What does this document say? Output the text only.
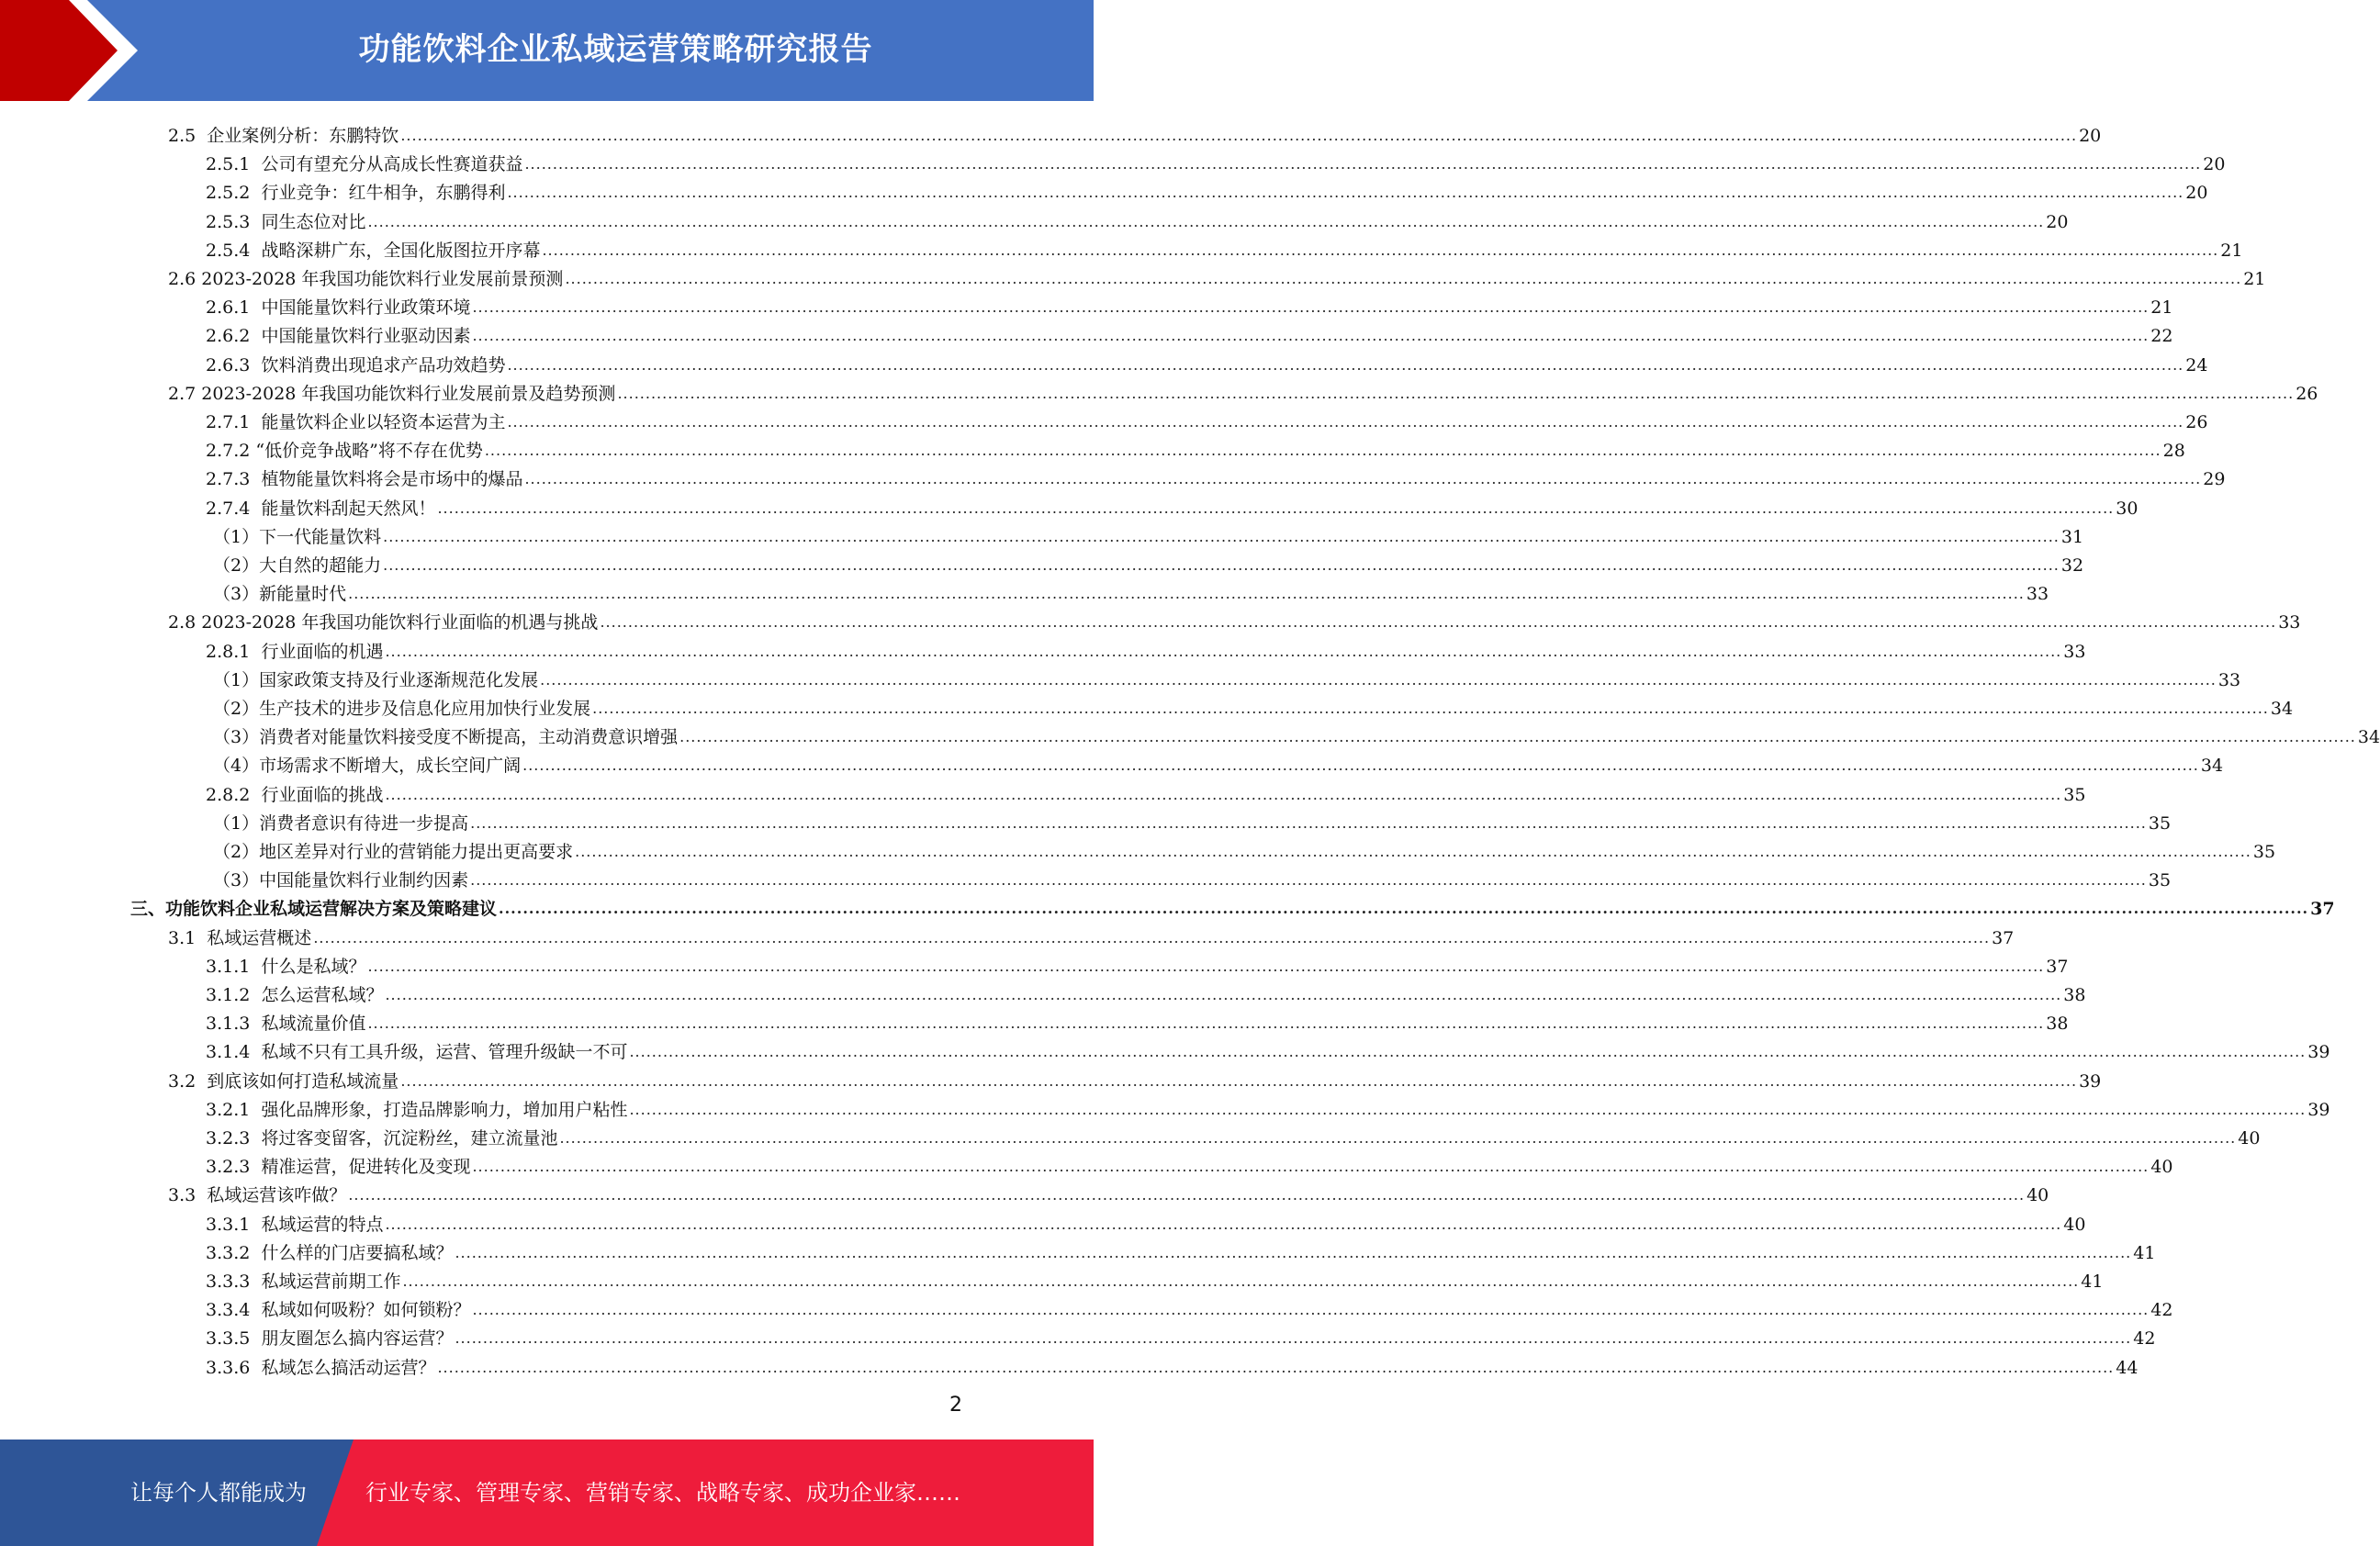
功能饮料企业私域运营策略研究报告
2.5 企业案例分析：东鹏特饮 ............................................................................................................................................................................................................................................................................................................ 20
2.5.1 公司有望充分从高成长性赛道获益 ............................................................................................................................................................................................................................................................................................................ 20
2.5.2 行业竞争：红牛相争，东鹏得利 ............................................................................................................................................................................................................................................................................................................ 20
2.5.3 同生态位对比 ............................................................................................................................................................................................................................................................................................................ 20
2.5.4 战略深耕广东，全国化版图拉开序幕 ............................................................................................................................................................................................................................................................................................................ 21
2.6 2023-2028 年我国功能饮料行业发展前景预测 ............................................................................................................................................................................................................................................................................................................ 21
2.6.1 中国能量饮料行业政策环境 ............................................................................................................................................................................................................................................................................................................ 21
2.6.2 中国能量饮料行业驱动因素 ............................................................................................................................................................................................................................................................................................................ 22
2.6.3 饮料消费出现追求产品功效趋势 ............................................................................................................................................................................................................................................................................................................ 24
2.7 2023-2028 年我国功能饮料行业发展前景及趋势预测 ............................................................................................................................................................................................................................................................................................................ 26
2.7.1 能量饮料企业以轻资本运营为主 ............................................................................................................................................................................................................................................................................................................ 26
2.7.2 “低价竞争战略”将不存在优势 ............................................................................................................................................................................................................................................................................................................ 28
2.7.3 植物能量饮料将会是市场中的爆品 ............................................................................................................................................................................................................................................................................................................ 29
2.7.4 能量饮料刮起天然风！ ............................................................................................................................................................................................................................................................................................................ 30
（1） 下一代能量饮料 ............................................................................................................................................................................................................................................................................................................ 31
（2） 大自然的超能力 ............................................................................................................................................................................................................................................................................................................ 32
（3） 新能量时代 ............................................................................................................................................................................................................................................................................................................ 33
2.8 2023-2028 年我国功能饮料行业面临的机遇与挑战 ............................................................................................................................................................................................................................................................................................................ 33
2.8.1 行业面临的机遇 ............................................................................................................................................................................................................................................................................................................ 33
（1） 国家政策支持及行业逐渐规范化发展 ............................................................................................................................................................................................................................................................................................................ 33
（2） 生产技术的进步及信息化应用加快行业发展 ............................................................................................................................................................................................................................................................................................................ 34
（3） 消费者对能量饮料接受度不断提高，主动消费意识增强 ............................................................................................................................................................................................................................................................................................................ 34
（4） 市场需求不断增大，成长空间广阔 ............................................................................................................................................................................................................................................................................................................ 34
2.8.2 行业面临的挑战 ............................................................................................................................................................................................................................................................................................................ 35
（1） 消费者意识有待进一步提高 ............................................................................................................................................................................................................................................................................................................ 35
（2） 地区差异对行业的营销能力提出更高要求 ............................................................................................................................................................................................................................................................................................................ 35
（3） 中国能量饮料行业制约因素 ............................................................................................................................................................................................................................................................................................................ 35
三、 功能饮料企业私域运营解决方案及策略建议 ............................................................................................................................................................................................................................................................................................................ 37
3.1 私域运营概述 ............................................................................................................................................................................................................................................................................................................ 37
3.1.1 什么是私域？ ............................................................................................................................................................................................................................................................................................................ 37
3.1.2 怎么运营私域？ ............................................................................................................................................................................................................................................................................................................ 38
3.1.3 私域流量价值 ............................................................................................................................................................................................................................................................................................................ 38
3.1.4 私域不只有工具升级，运营、管理升级缺一不可 ............................................................................................................................................................................................................................................................................................................ 39
3.2 到底该如何打造私域流量 ............................................................................................................................................................................................................................................................................................................ 39
3.2.1 强化品牌形象，打造品牌影响力，增加用户粘性 ............................................................................................................................................................................................................................................................................................................ 39
3.2.3 将过客变留客，沉淀粉丝，建立流量池 ............................................................................................................................................................................................................................................................................................................ 40
3.2.3 精准运营，促进转化及变现 ............................................................................................................................................................................................................................................................................................................ 40
3.3 私域运营该咋做？ ............................................................................................................................................................................................................................................................................................................ 40
3.3.1 私域运营的特点 ............................................................................................................................................................................................................................................................................................................ 40
3.3.2 什么样的门店要搞私域？ ............................................................................................................................................................................................................................................................................................................ 41
3.3.3 私域运营前期工作 ............................................................................................................................................................................................................................................................................................................ 41
3.3.4 私域如何吸粉？如何锁粉？ ............................................................................................................................................................................................................................................................................................................ 42
3.3.5 朋友圈怎么搞内容运营？ ............................................................................................................................................................................................................................................................................................................ 42
3.3.6 私域怎么搞活动运营？ ............................................................................................................................................................................................................................................................................................................ 44
2
让每个人都能成为	行业专家、管理专家、营销专家、战略专家、成功企业家……
